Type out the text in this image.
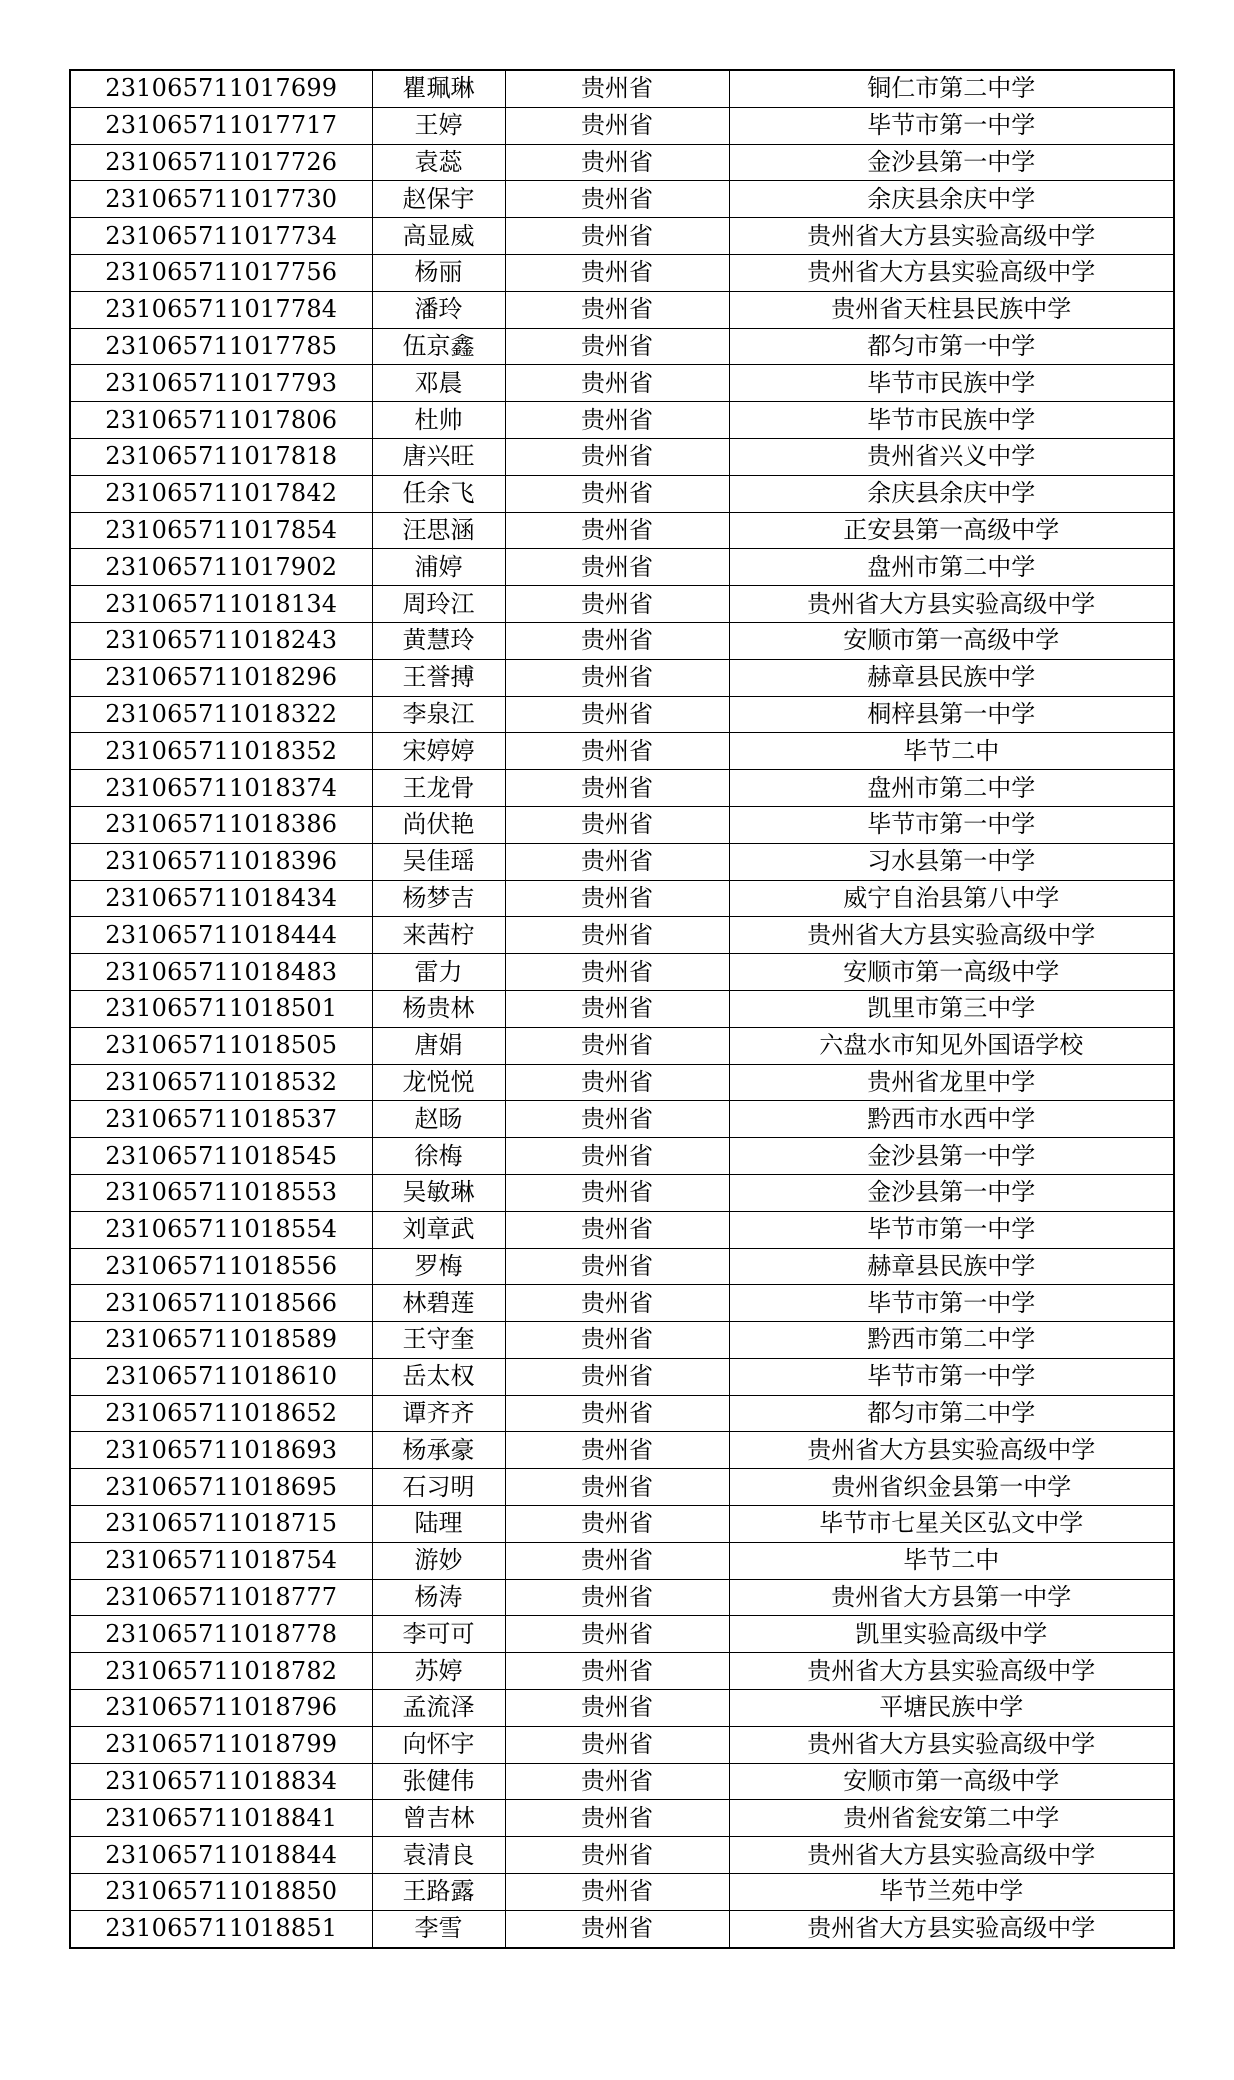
231065711017699	瞿珮琳	贵州省	铜仁市第二中学
231065711017717	王婷	贵州省	毕节市第一中学
231065711017726	袁蕊	贵州省	金沙县第一中学
231065711017730	赵保宇	贵州省	余庆县余庆中学
231065711017734	高显威	贵州省	贵州省大方县实验高级中学
231065711017756	杨丽	贵州省	贵州省大方县实验高级中学
231065711017784	潘玲	贵州省	贵州省天柱县民族中学
231065711017785	伍京鑫	贵州省	都匀市第一中学
231065711017793	邓晨	贵州省	毕节市民族中学
231065711017806	杜帅	贵州省	毕节市民族中学
231065711017818	唐兴旺	贵州省	贵州省兴义中学
231065711017842	任余飞	贵州省	余庆县余庆中学
231065711017854	汪思涵	贵州省	正安县第一高级中学
231065711017902	浦婷	贵州省	盘州市第二中学
231065711018134	周玲江	贵州省	贵州省大方县实验高级中学
231065711018243	黄慧玲	贵州省	安顺市第一高级中学
231065711018296	王誉搏	贵州省	赫章县民族中学
231065711018322	李泉江	贵州省	桐梓县第一中学
231065711018352	宋婷婷	贵州省	毕节二中
231065711018374	王龙骨	贵州省	盘州市第二中学
231065711018386	尚伏艳	贵州省	毕节市第一中学
231065711018396	吴佳瑶	贵州省	习水县第一中学
231065711018434	杨梦吉	贵州省	威宁自治县第八中学
231065711018444	来茜柠	贵州省	贵州省大方县实验高级中学
231065711018483	雷力	贵州省	安顺市第一高级中学
231065711018501	杨贵林	贵州省	凯里市第三中学
231065711018505	唐娟	贵州省	六盘水市知见外国语学校
231065711018532	龙悦悦	贵州省	贵州省龙里中学
231065711018537	赵旸	贵州省	黔西市水西中学
231065711018545	徐梅	贵州省	金沙县第一中学
231065711018553	吴敏琳	贵州省	金沙县第一中学
231065711018554	刘章武	贵州省	毕节市第一中学
231065711018556	罗梅	贵州省	赫章县民族中学
231065711018566	林碧莲	贵州省	毕节市第一中学
231065711018589	王守奎	贵州省	黔西市第二中学
231065711018610	岳太权	贵州省	毕节市第一中学
231065711018652	谭齐齐	贵州省	都匀市第二中学
231065711018693	杨承豪	贵州省	贵州省大方县实验高级中学
231065711018695	石习明	贵州省	贵州省织金县第一中学
231065711018715	陆理	贵州省	毕节市七星关区弘文中学
231065711018754	游妙	贵州省	毕节二中
231065711018777	杨涛	贵州省	贵州省大方县第一中学
231065711018778	李可可	贵州省	凯里实验高级中学
231065711018782	苏婷	贵州省	贵州省大方县实验高级中学
231065711018796	孟流泽	贵州省	平塘民族中学
231065711018799	向怀宇	贵州省	贵州省大方县实验高级中学
231065711018834	张健伟	贵州省	安顺市第一高级中学
231065711018841	曾吉林	贵州省	贵州省瓮安第二中学
231065711018844	袁清良	贵州省	贵州省大方县实验高级中学
231065711018850	王路露	贵州省	毕节兰苑中学
231065711018851	李雪	贵州省	贵州省大方县实验高级中学
